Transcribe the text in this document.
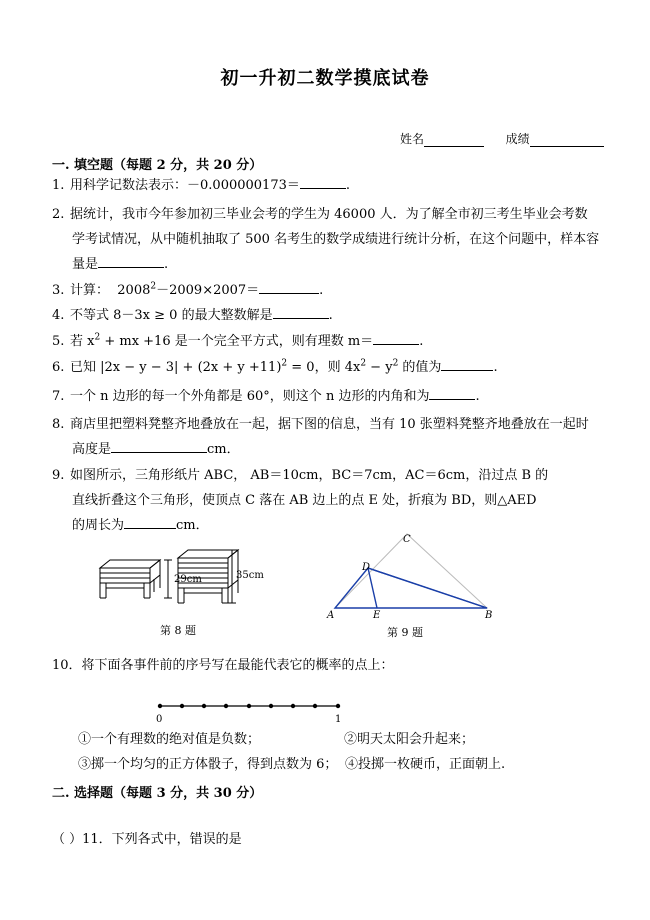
初一升初二数学摸底试卷
姓名	成绩
一. 填空题（每题 2 分，共 20 分）
1. 用科学记数法表示：－0.000000173＝	.
2. 据统计，我市今年参加初三毕业会考的学生为 46000 人．为了解全市初三考生毕业会考数
学考试情况，从中随机抽取了 500 名考生的数学成绩进行统计分析，在这个问题中，样本容
量是	.
3. 计算： $2008^2-2009\times 2007=$	.
4. 不等式 8－3x ≥ 0 的最大整数解是	.
5. 若 $x^2$ + mx +16 是一个完全平方式，则有理数 m＝	.
6. 已知 $|2x - y - 3| + (2x + y +11)^2 = 0$，则 $4x^2 - y^2$ 的值为	.
7. 一个 n 边形的每一个外角都是 60°，则这个 n 边形的内角和为	.
8. 商店里把塑料凳整齐地叠放在一起，据下图的信息，当有 10 张塑料凳整齐地叠放在一起时
高度是	cm．
9. 如图所示，三角形纸片 ABC， AB＝10cm，BC＝7cm，AC＝6cm，沿过点 B 的
直线折叠这个三角形，使顶点 C 落在 AB 边上的点 E 处，折痕为 BD，则△AED
的周长为	cm．
29cm	35cm
第 8 题
A	B
C
D
E
第 9 题
10．将下面各事件前的序号写在最能代表它的概率的点上：
0	1
①一个有理数的绝对值是负数；	②明天太阳会升起来；
③掷一个均匀的正方体骰子，得到点数为 6； ④投掷一枚硬币，正面朝上.
二. 选择题（每题 3 分，共 30 分）
（ ）11．下列各式中，错误的是
